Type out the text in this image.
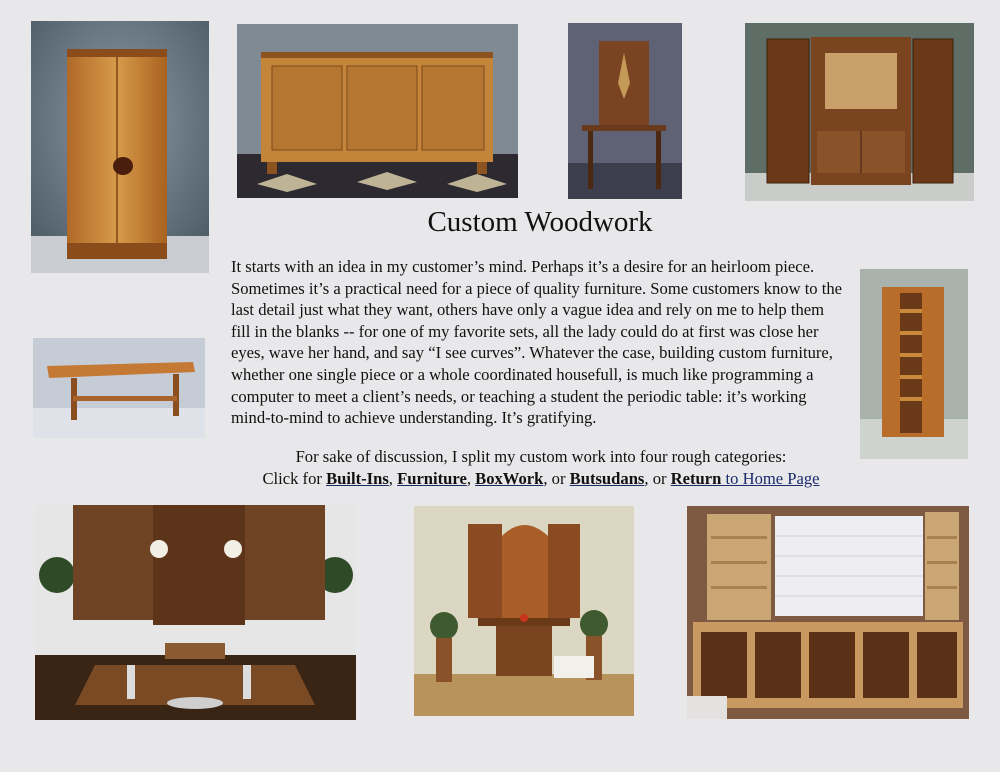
Custom Woodwork

It starts with an idea in my customer’s mind. Perhaps it’s a desire for an heirloom piece. Sometimes it’s a practical need for a piece of quality furniture. Some customers know to the last detail just what they want, others have only a vague idea and rely on me to help them fill in the blanks -- for one of my favorite sets, all the lady could do at first was close her eyes, wave her hand, and say “I see curves”. Whatever the case, building custom furniture, whether one single piece or a whole coordinated housefull, is much like programming a computer to meet a client’s needs, or teaching a student the periodic table: it’s working mind-to-mind to achieve understanding. It’s gratifying.

For sake of discussion, I split my custom work into four rough categories:
Click for Built-Ins, Furniture, BoxWork, or Butsudans, or Return to Home Page
